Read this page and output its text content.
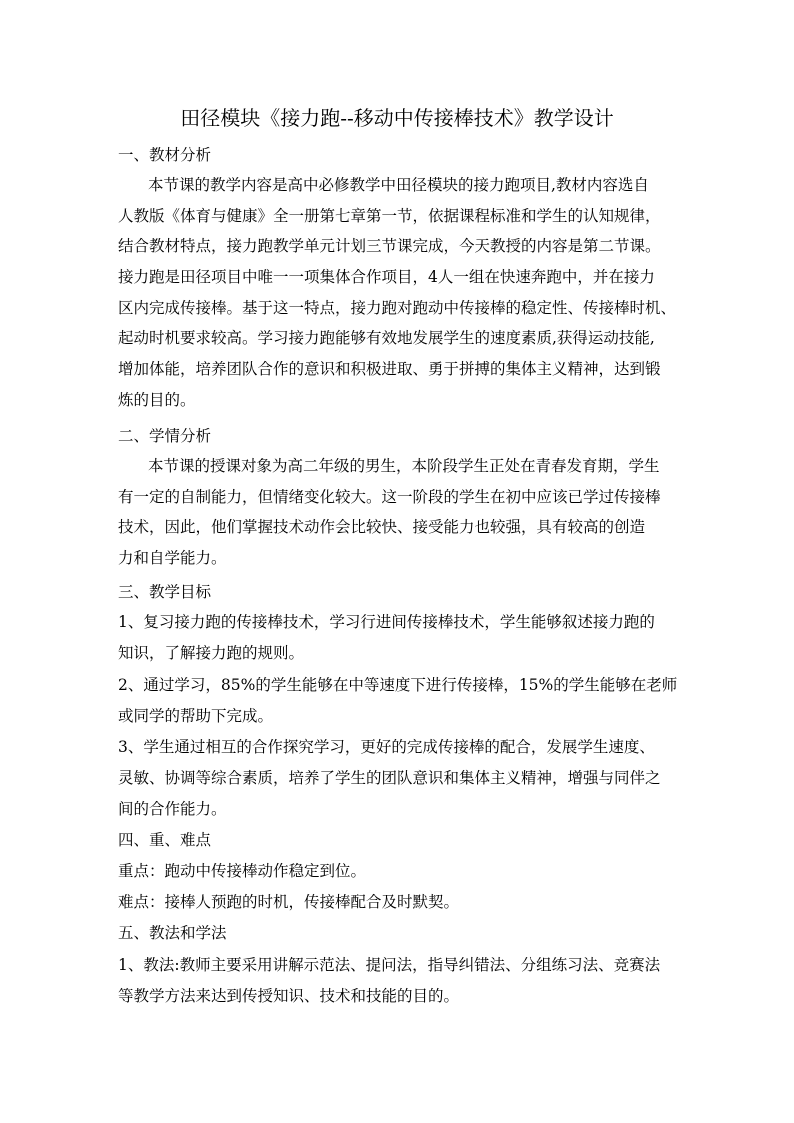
田径模块《接力跑--移动中传接棒技术》教学设计
一、教材分析
本节课的教学内容是高中必修教学中田径模块的接力跑项目,教材内容选自
人教版《体育与健康》全一册第七章第一节，依据课程标准和学生的认知规律，
结合教材特点，接力跑教学单元计划三节课完成，今天教授的内容是第二节课。
接力跑是田径项目中唯一一项集体合作项目，4人一组在快速奔跑中，并在接力
区内完成传接棒。基于这一特点，接力跑对跑动中传接棒的稳定性、传接棒时机、
起动时机要求较高。学习接力跑能够有效地发展学生的速度素质,获得运动技能,
增加体能，培养团队合作的意识和积极进取、勇于拼搏的集体主义精神，达到锻
炼的目的。
二、学情分析
本节课的授课对象为高二年级的男生，本阶段学生正处在青春发育期，学生
有一定的自制能力，但情绪变化较大。这一阶段的学生在初中应该已学过传接棒
技术，因此，他们掌握技术动作会比较快、接受能力也较强，具有较高的创造
力和自学能力。
三、教学目标
1、复习接力跑的传接棒技术，学习行进间传接棒技术，学生能够叙述接力跑的
知识，了解接力跑的规则。
2、通过学习，85%的学生能够在中等速度下进行传接棒，15%的学生能够在老师
或同学的帮助下完成。
3、学生通过相互的合作探究学习，更好的完成传接棒的配合，发展学生速度、
灵敏、协调等综合素质，培养了学生的团队意识和集体主义精神，增强与同伴之
间的合作能力。
四、重、难点
重点：跑动中传接棒动作稳定到位。
难点：接棒人预跑的时机，传接棒配合及时默契。
五、教法和学法
1、教法:教师主要采用讲解示范法、提问法，指导纠错法、分组练习法、竞赛法
等教学方法来达到传授知识、技术和技能的目的。
